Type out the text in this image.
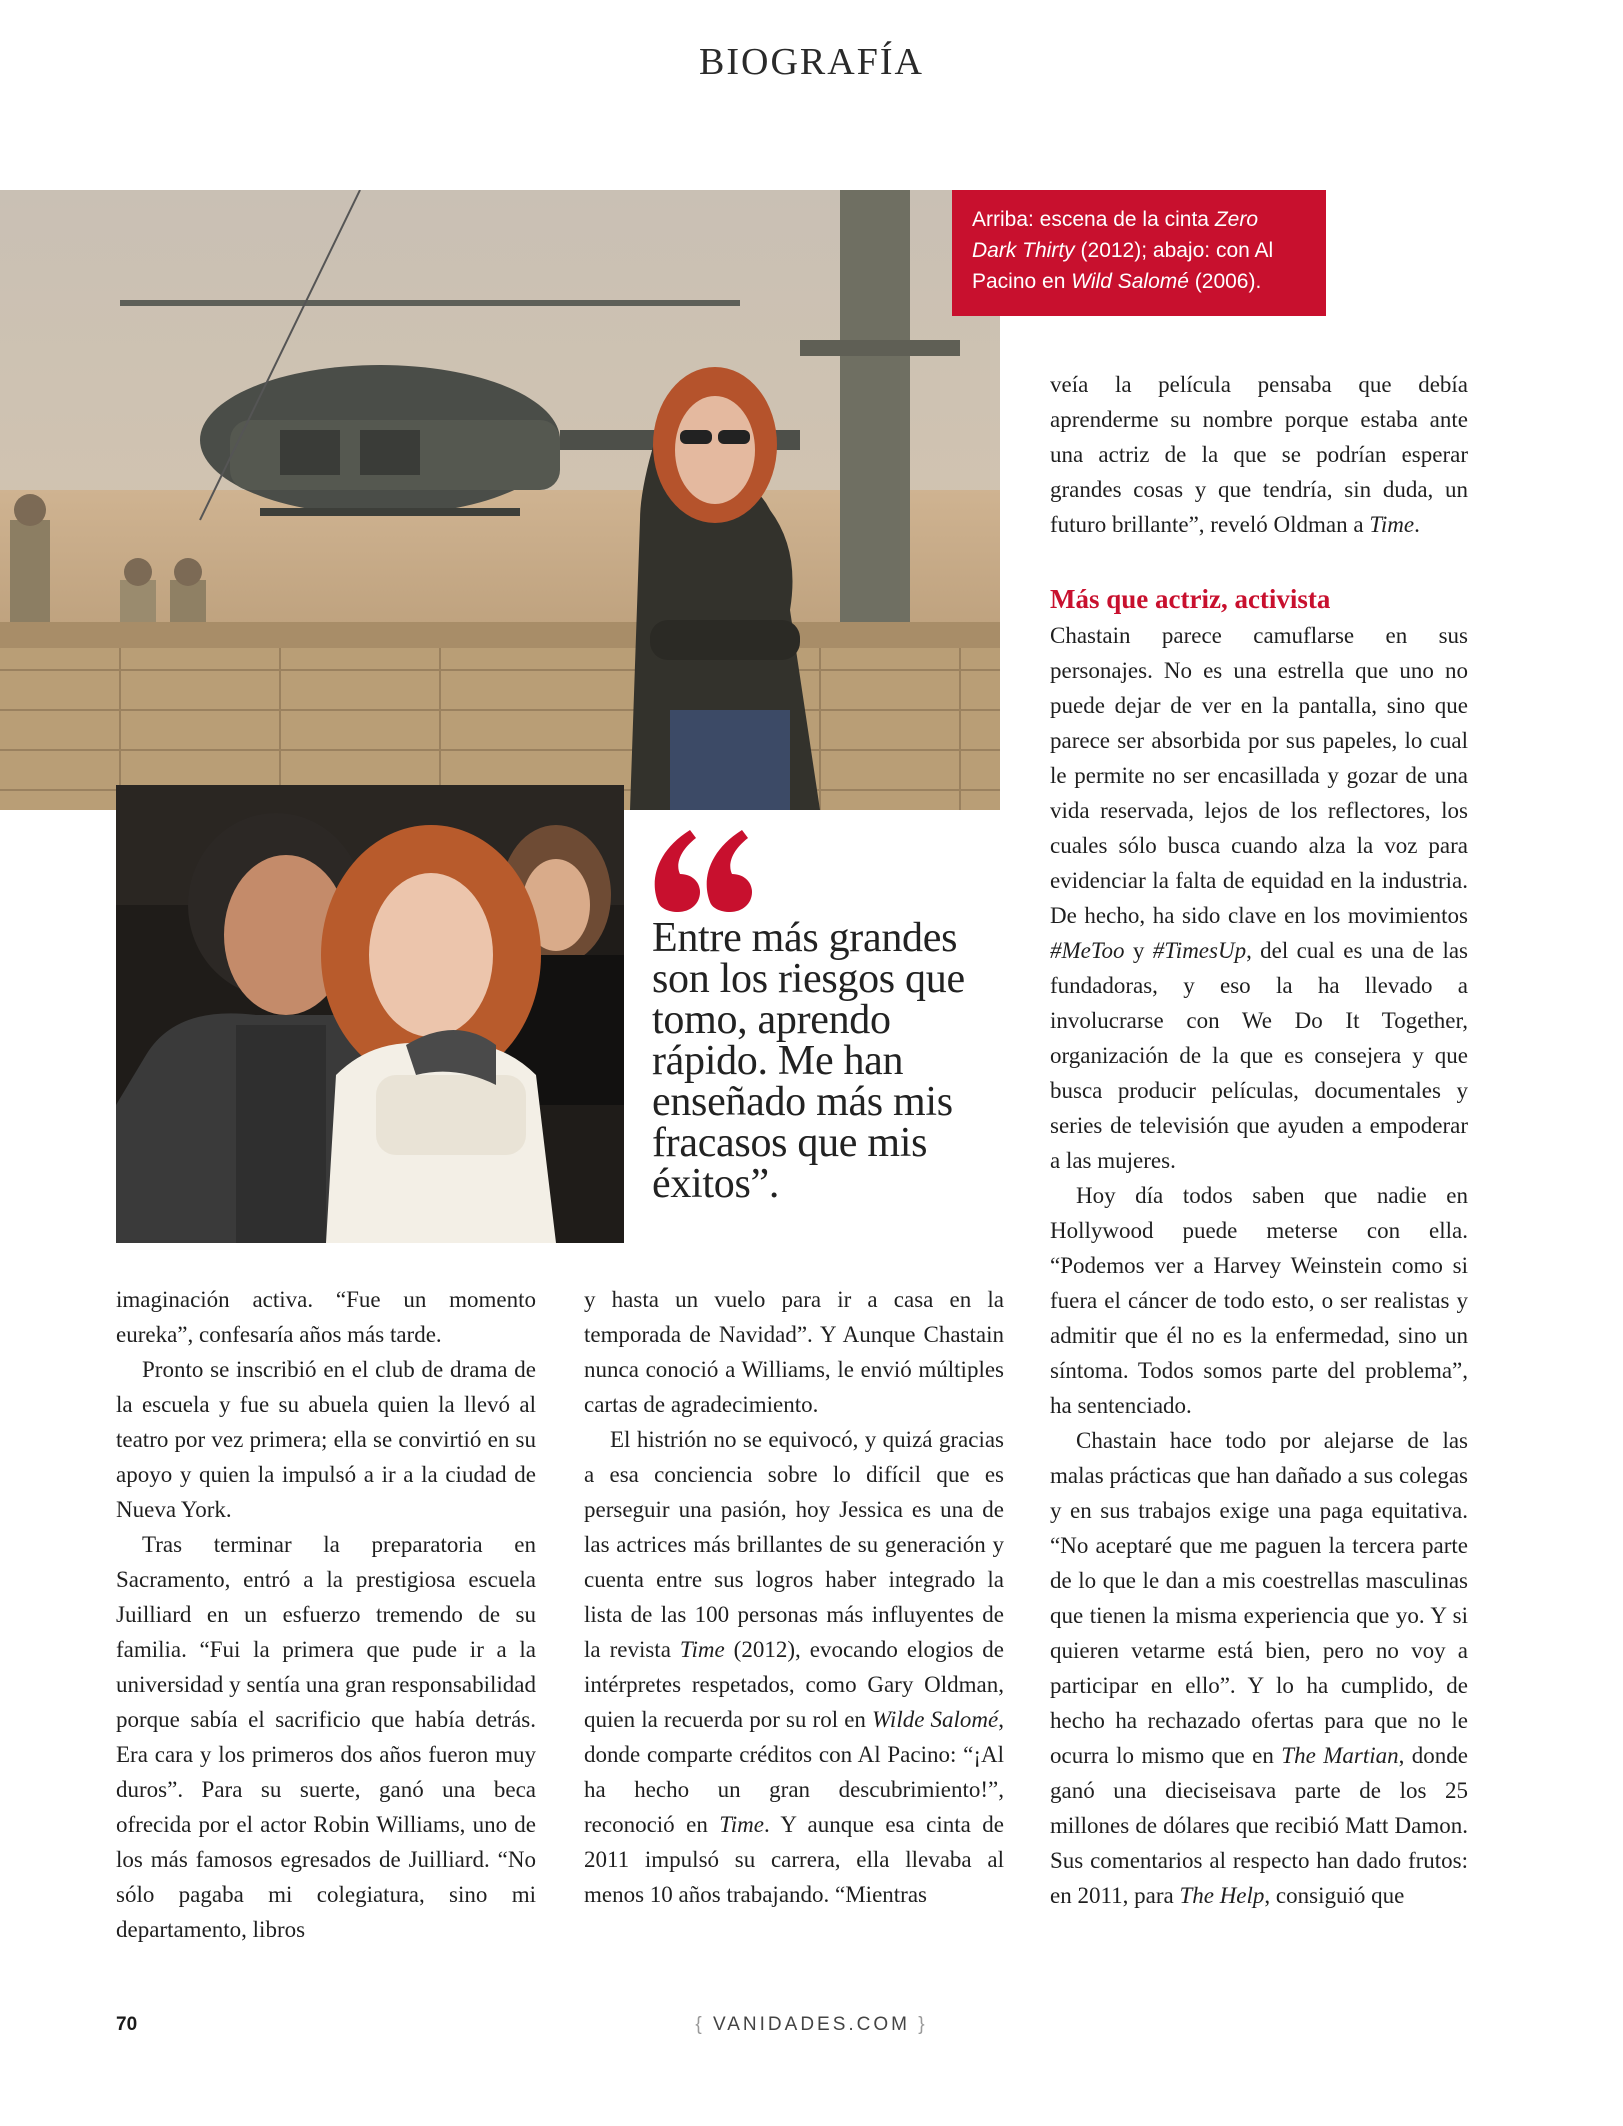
BIOGRAFÍA
Arriba: escena de la cinta Zero Dark Thirty (2012); abajo: con Al Pacino en Wild Salomé (2006).
Entre más grandes son los riesgos que tomo, aprendo rápido. Me han enseñado más mis fracasos que mis éxitos”.

imaginación activa. “Fue un momento eureka”, confesaría años más tarde.

Pronto se inscribió en el club de drama de la escuela y fue su abuela quien la llevó al teatro por vez primera; ella se convirtió en su apoyo y quien la impulsó a ir a la ciudad de Nueva York.

Tras terminar la preparatoria en Sacramento, entró a la prestigiosa escuela Juilliard en un esfuerzo tremendo de su familia. “Fui la primera que pude ir a la universidad y sentía una gran responsabilidad porque sabía el sacrificio que había detrás. Era cara y los primeros dos años fueron muy duros”. Para su suerte, ganó una beca ofrecida por el actor Robin Williams, uno de los más famosos egresados de Juilliard. “No sólo pagaba mi colegiatura, sino mi departamento, libros

y hasta un vuelo para ir a casa en la temporada de Navidad”. Y Aunque Chastain nunca conoció a Williams, le envió múltiples cartas de agradecimiento.

El histrión no se equivocó, y quizá gracias a esa conciencia sobre lo difícil que es perseguir una pasión, hoy Jessica es una de las actrices más brillantes de su generación y cuenta entre sus logros haber integrado la lista de las 100 personas más influyentes de la revista Time (2012), evocando elogios de intérpretes respetados, como Gary Oldman, quien la recuerda por su rol en Wilde Salomé, donde comparte créditos con Al Pacino: “¡Al ha hecho un gran descubrimiento!”, reconoció en Time. Y aunque esa cinta de 2011 impulsó su carrera, ella llevaba al menos 10 años trabajando. “Mientras

veía la película pensaba que debía aprenderme su nombre porque estaba ante una actriz de la que se podrían esperar grandes cosas y que tendría, sin duda, un futuro brillante”, reveló Oldman a Time.

Más que actriz, activista

Chastain parece camuflarse en sus personajes. No es una estrella que uno no puede dejar de ver en la pantalla, sino que parece ser absorbida por sus papeles, lo cual le permite no ser encasillada y gozar de una vida reservada, lejos de los reflectores, los cuales sólo busca cuando alza la voz para evidenciar la falta de equidad en la industria. De hecho, ha sido clave en los movimientos #MeToo y #TimesUp, del cual es una de las fundadoras, y eso la ha llevado a involucrarse con We Do It Together, organización de la que es consejera y que busca producir películas, documentales y series de televisión que ayuden a empoderar a las mujeres.

Hoy día todos saben que nadie en Hollywood puede meterse con ella. “Podemos ver a Harvey Weinstein como si fuera el cáncer de todo esto, o ser realistas y admitir que él no es la enfermedad, sino un síntoma. Todos somos parte del problema”, ha sentenciado.

Chastain hace todo por alejarse de las malas prácticas que han dañado a sus colegas y en sus trabajos exige una paga equitativa. “No aceptaré que me paguen la tercera parte de lo que le dan a mis coestrellas masculinas que tienen la misma experiencia que yo. Y si quieren vetarme está bien, pero no voy a participar en ello”. Y lo ha cumplido, de hecho ha rechazado ofertas para que no le ocurra lo mismo que en The Martian, donde ganó una dieciseisava parte de los 25 millones de dólares que recibió Matt Damon. Sus comentarios al respecto han dado frutos: en 2011, para The Help, consiguió que

70	{ VANIDADES.COM }
